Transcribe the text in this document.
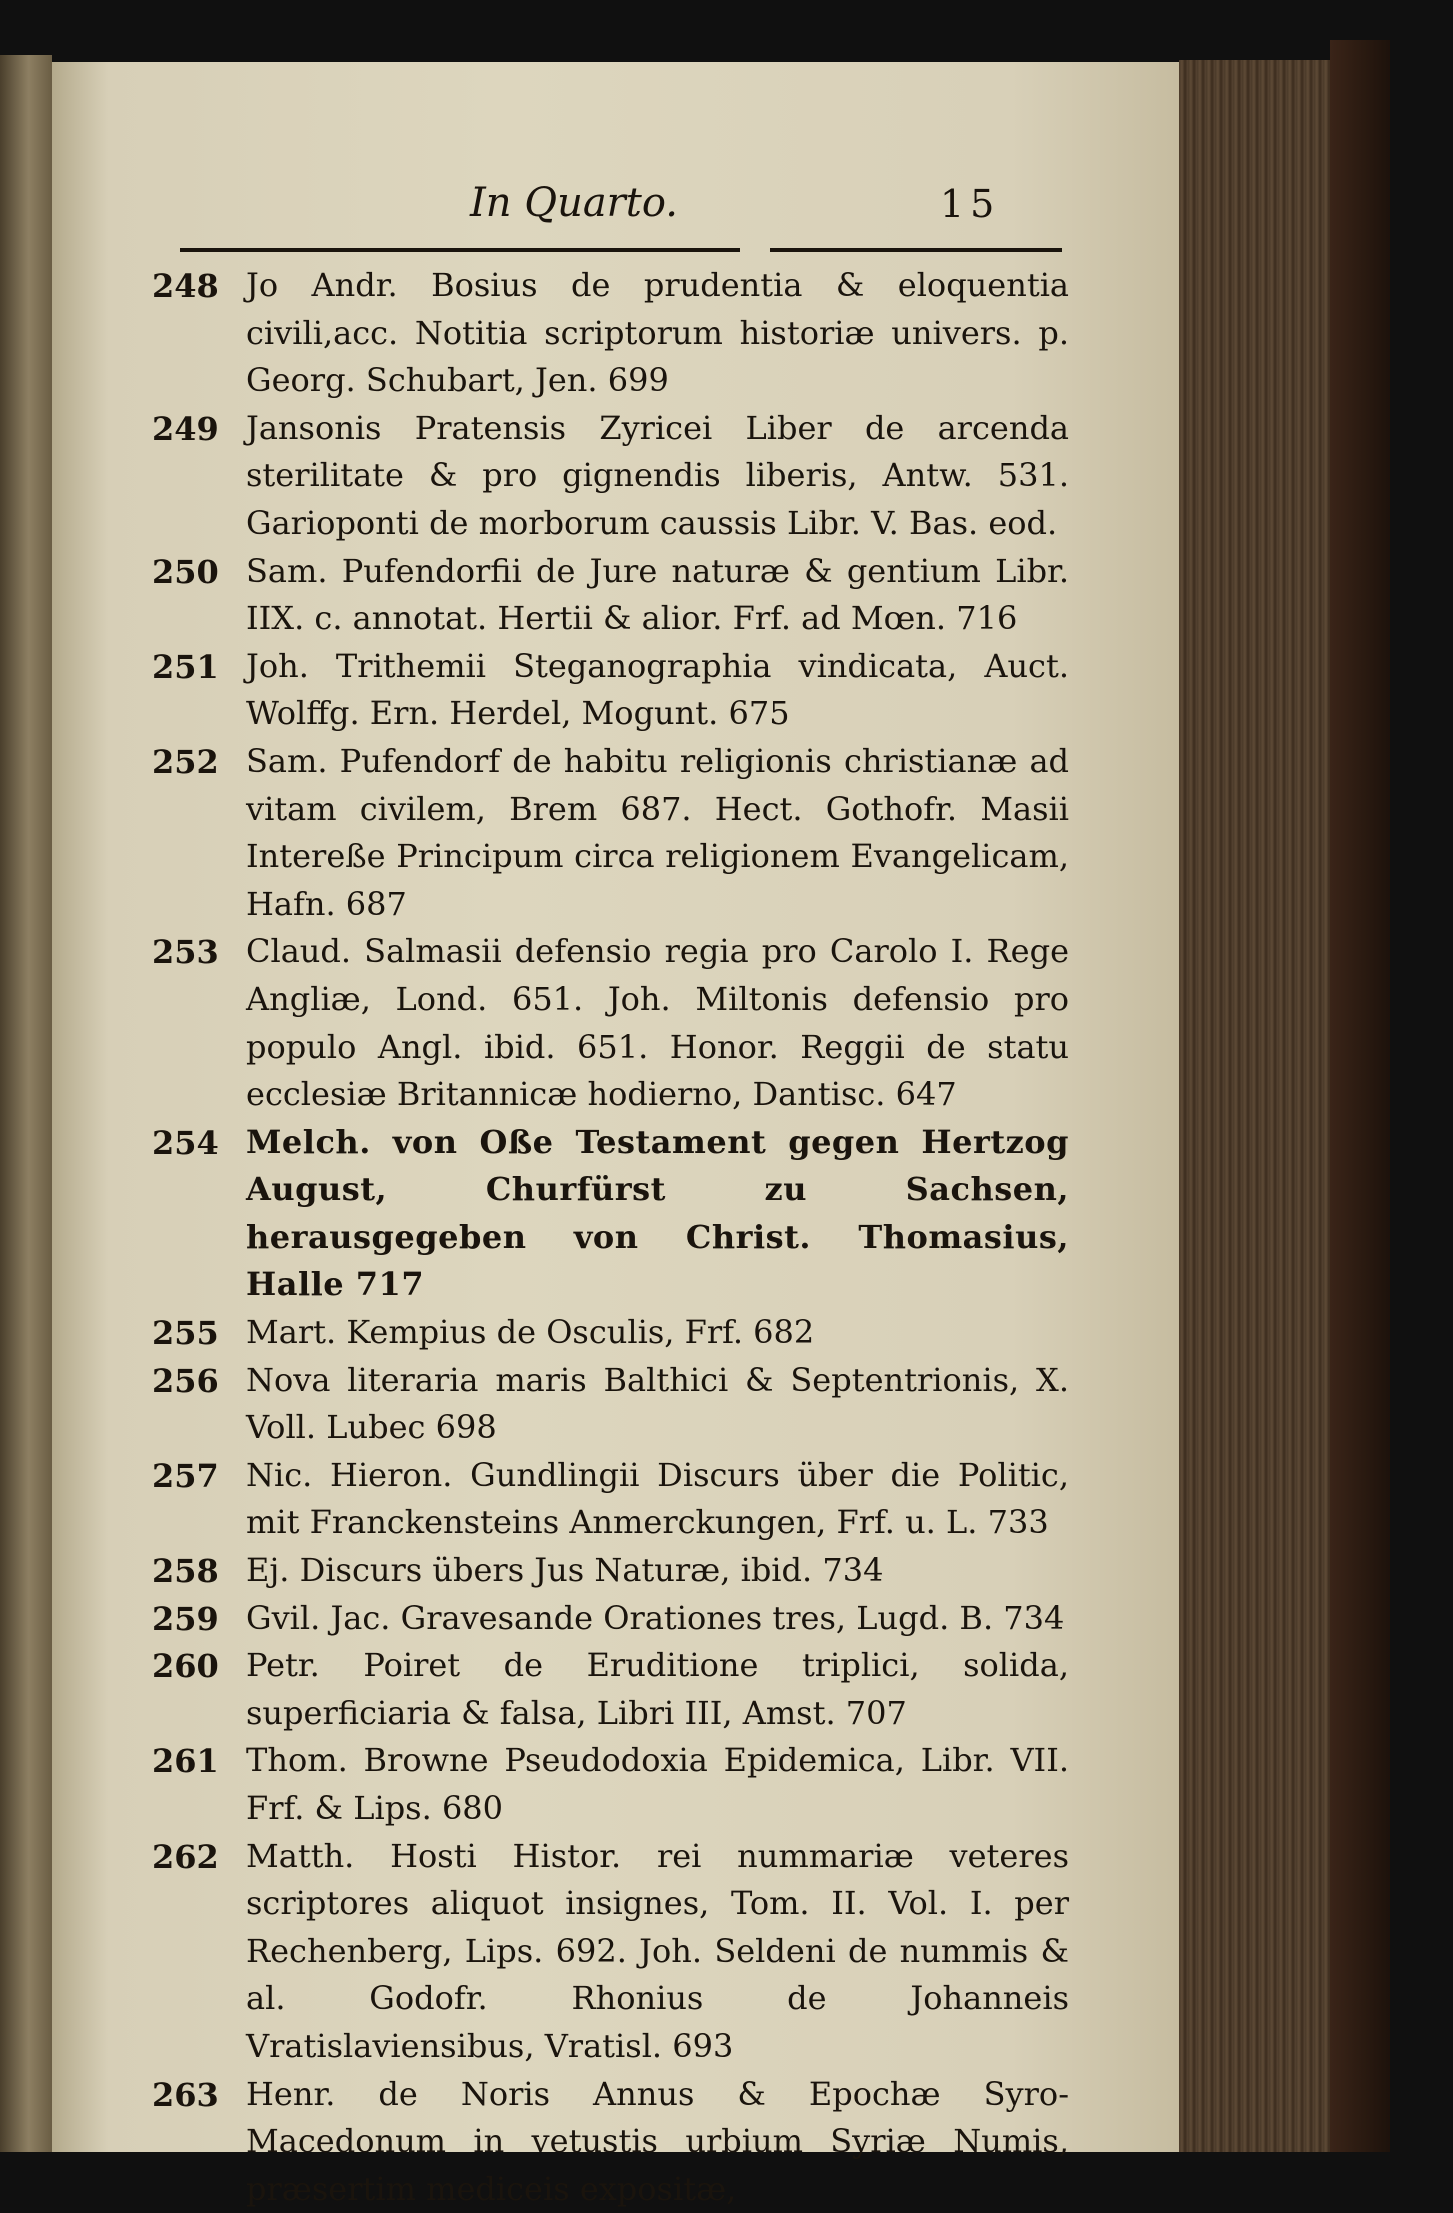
In Quarto.	15
248 Jo Andr. Bosius de prudentia & eloquentia civili,acc. Notitia scriptorum historiæ univers. p. Georg. Schubart, Jen. 699
249 Jansonis Pratensis Zyricei Liber de arcenda sterilitate & pro gignendis liberis, Antw. 531. Garioponti de morborum caussis Libr. V. Bas. eod.
250 Sam. Pufendorfii de Jure naturæ & gentium Libr. IIX. c. annotat. Hertii & alior. Frf. ad Mœn. 716
251 Joh. Trithemii Steganographia vindicata, Auct. Wolffg. Ern. Herdel, Mogunt. 675
252 Sam. Pufendorf de habitu religionis christianæ ad vitam civilem, Brem 687. Hect. Gothofr. Masii Intereße Principum circa religionem Evangelicam, Hafn. 687
253 Claud. Salmasii defensio regia pro Carolo I. Rege Angliæ, Lond. 651. Joh. Miltonis defensio pro populo Angl. ibid. 651. Honor. Reggii de statu ecclesiæ Britannicæ hodierno, Dantisc. 647
254 Melch. von Oße Testament gegen Hertzog August, Churfürst zu Sachsen, herausgegeben von Christ. Thomasius, Halle 717
255 Mart. Kempius de Osculis, Frf. 682
256 Nova literaria maris Balthici & Septentrionis, X. Voll. Lubec 698
257 Nic. Hieron. Gundlingii Discurs über die Politic, mit Franckensteins Anmerckungen, Frf. u. L. 733
258 Ej. Discurs übers Jus Naturæ, ibid. 734
259 Gvil. Jac. Gravesande Orationes tres, Lugd. B. 734
260 Petr. Poiret de Eruditione triplici, solida, superficiaria & falsa, Libri III, Amst. 707
261 Thom. Browne Pseudodoxia Epidemica, Libr. VII. Frf. & Lips. 680
262 Matth. Hosti Histor. rei nummariæ veteres scriptores aliquot insignes, Tom. II. Vol. I. per Rechenberg, Lips. 692. Joh. Seldeni de nummis & al. Godofr. Rhonius de Johanneis Vratislaviensibus, Vratisl. 693
263 Henr. de Noris Annus & Epochæ Syro-Macedonum in vetustis urbium Syriæ Numis, præsertim mediceis expositæ,
